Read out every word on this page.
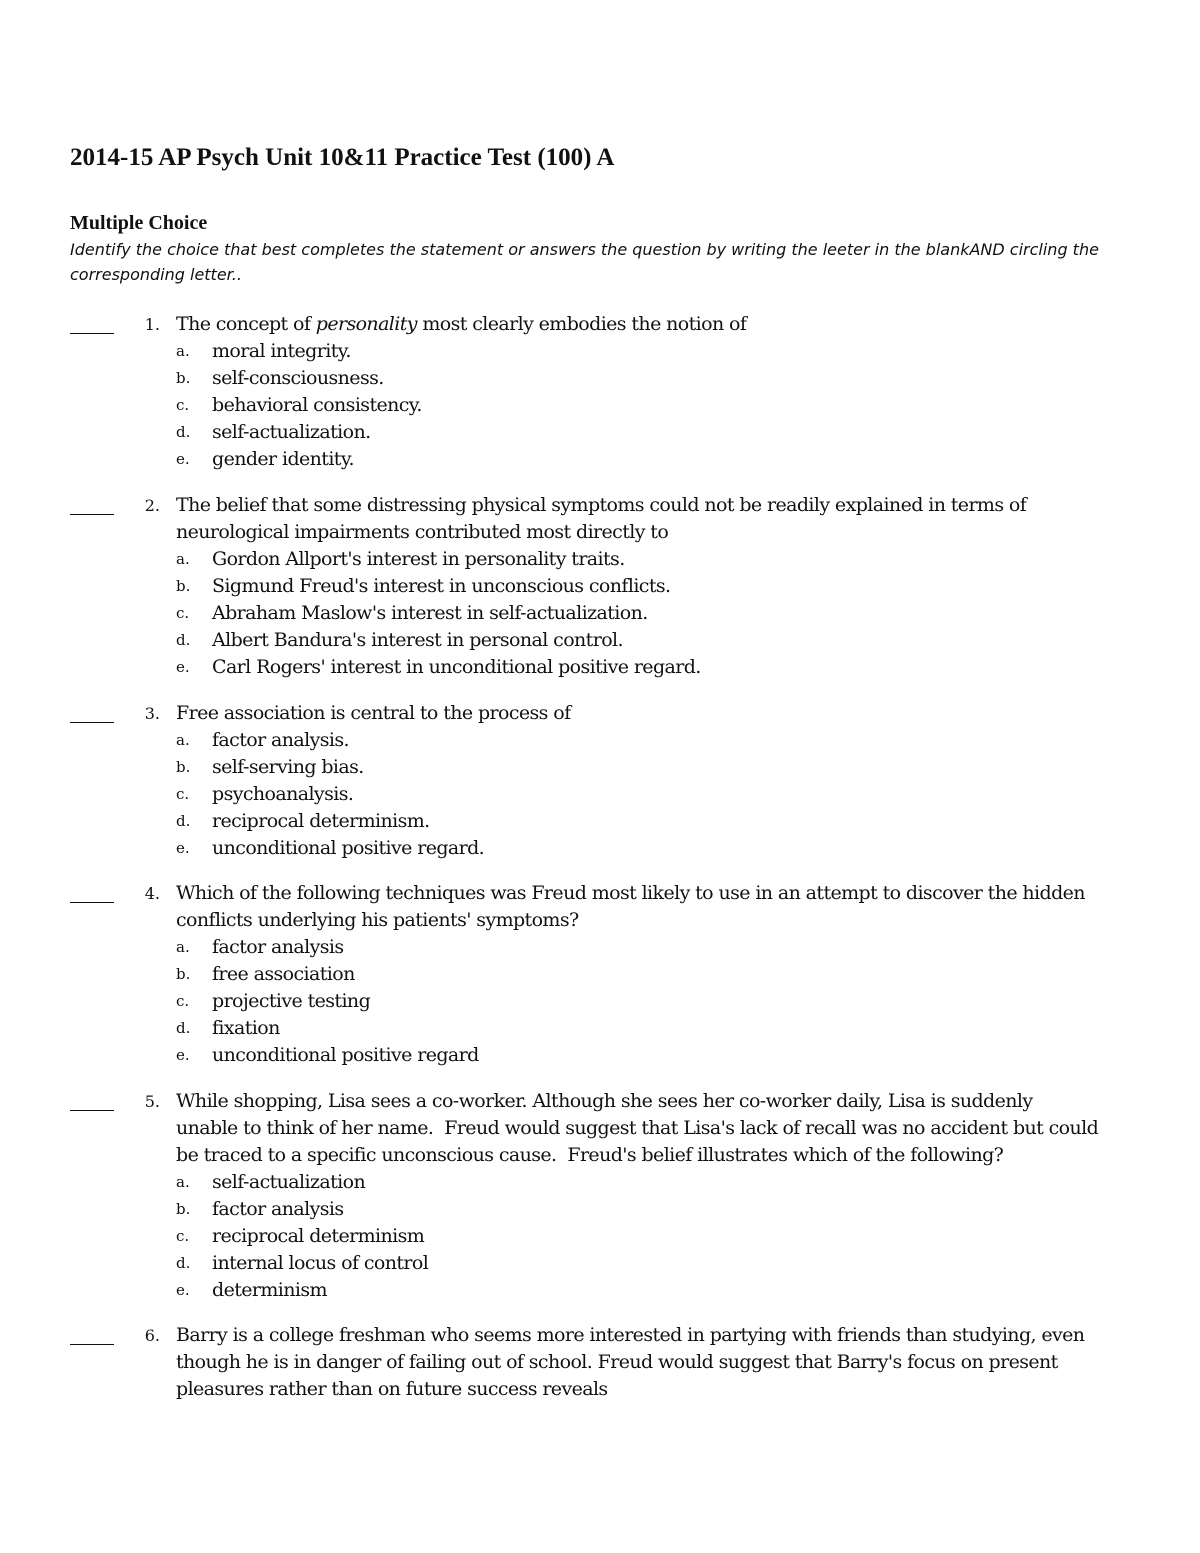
2014-15 AP Psych Unit 10&11 Practice Test (100) A
Multiple Choice
Identify the choice that best completes the statement or answers the question by writing the leeter in the blankAND circling the corresponding letter..
1. The concept of personality most clearly embodies the notion of
a.	moral integrity.
b.	self-consciousness.
c.	behavioral consistency.
d.	self-actualization.
e.	gender identity.
2. The belief that some distressing physical symptoms could not be readily explained in terms of
neurological impairments contributed most directly to
a.	Gordon Allport's interest in personality traits.
b.	Sigmund Freud's interest in unconscious conflicts.
c.	Abraham Maslow's interest in self-actualization.
d.	Albert Bandura's interest in personal control.
e.	Carl Rogers' interest in unconditional positive regard.
3. Free association is central to the process of
a.	factor analysis.
b.	self-serving bias.
c.	psychoanalysis.
d.	reciprocal determinism.
e.	unconditional positive regard.
4. Which of the following techniques was Freud most likely to use in an attempt to discover the hidden
conflicts underlying his patients' symptoms?
a.	factor analysis
b.	free association
c.	projective testing
d.	fixation
e.	unconditional positive regard
5. While shopping, Lisa sees a co-worker. Although she sees her co-worker daily, Lisa is suddenly
unable to think of her name.  Freud would suggest that Lisa's lack of recall was no accident but could
be traced to a specific unconscious cause.  Freud's belief illustrates which of the following?
a.	self-actualization
b.	factor analysis
c.	reciprocal determinism
d.	internal locus of control
e.	determinism
6. Barry is a college freshman who seems more interested in partying with friends than studying, even
though he is in danger of failing out of school. Freud would suggest that Barry's focus on present
pleasures rather than on future success reveals
